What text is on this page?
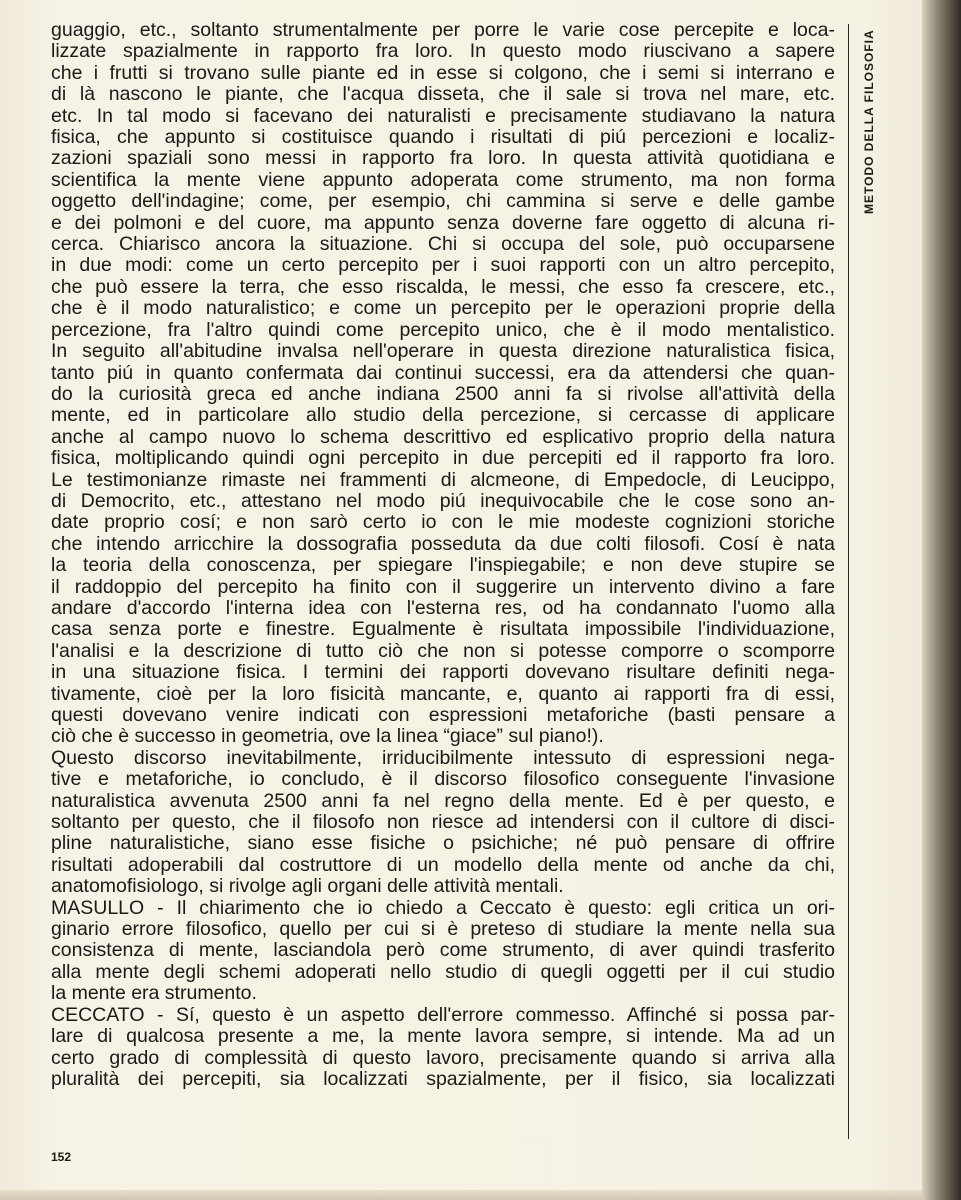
guaggio, etc., soltanto strumentalmente per porre le varie cose percepite e loca-
lizzate spazialmente in rapporto fra loro. In questo modo riuscivano a sapere
che i frutti si trovano sulle piante ed in esse si colgono, che i semi si interrano e
di là nascono le piante, che l'acqua disseta, che il sale si trova nel mare, etc.
etc. In tal modo si facevano dei naturalisti e precisamente studiavano la natura
fisica, che appunto si costituisce quando i risultati di piú percezioni e localiz-
zazioni spaziali sono messi in rapporto fra loro. In questa attività quotidiana e
scientifica la mente viene appunto adoperata come strumento, ma non forma
oggetto dell'indagine; come, per esempio, chi cammina si serve e delle gambe
e dei polmoni e del cuore, ma appunto senza doverne fare oggetto di alcuna ri-
cerca. Chiarisco ancora la situazione. Chi si occupa del sole, può occuparsene
in due modi: come un certo percepito per i suoi rapporti con un altro percepito,
che può essere la terra, che esso riscalda, le messi, che esso fa crescere, etc.,
che è il modo naturalistico; e come un percepito per le operazioni proprie della
percezione, fra l'altro quindi come percepito unico, che è il modo mentalistico.
In seguito all'abitudine invalsa nell'operare in questa direzione naturalistica fisica,
tanto piú in quanto confermata dai continui successi, era da attendersi che quan-
do la curiosità greca ed anche indiana 2500 anni fa si rivolse all'attività della
mente, ed in particolare allo studio della percezione, si cercasse di applicare
anche al campo nuovo lo schema descrittivo ed esplicativo proprio della natura
fisica, moltiplicando quindi ogni percepito in due percepiti ed il rapporto fra loro.
Le testimonianze rimaste nei frammenti di alcmeone, di Empedocle, di Leucippo,
di Democrito, etc., attestano nel modo piú inequivocabile che le cose sono an-
date proprio cosí; e non sarò certo io con le mie modeste cognizioni storiche
che intendo arricchire la dossografia posseduta da due colti filosofi. Cosí è nata
la teoria della conoscenza, per spiegare l'inspiegabile; e non deve stupire se
il raddoppio del percepito ha finito con il suggerire un intervento divino a fare
andare d'accordo l'interna idea con l'esterna res, od ha condannato l'uomo alla
casa senza porte e finestre. Egualmente è risultata impossibile l'individuazione,
l'analisi e la descrizione di tutto ciò che non si potesse comporre o scomporre
in una situazione fisica. I termini dei rapporti dovevano risultare definiti nega-
tivamente, cioè per la loro fisicità mancante, e, quanto ai rapporti fra di essi,
questi dovevano venire indicati con espressioni metaforiche (basti pensare a
ciò che è successo in geometria, ove la linea “giace” sul piano!).
Questo discorso inevitabilmente, irriducibilmente intessuto di espressioni nega-
tive e metaforiche, io concludo, è il discorso filosofico conseguente l'invasione
naturalistica avvenuta 2500 anni fa nel regno della mente. Ed è per questo, e
soltanto per questo, che il filosofo non riesce ad intendersi con il cultore di disci-
pline naturalistiche, siano esse fisiche o psichiche; né può pensare di offrire
risultati adoperabili dal costruttore di un modello della mente od anche da chi,
anatomofisiologo, si rivolge agli organi delle attività mentali.
MASULLO - Il chiarimento che io chiedo a Ceccato è questo: egli critica un ori-
ginario errore filosofico, quello per cui si è preteso di studiare la mente nella sua
consistenza di mente, lasciandola però come strumento, di aver quindi trasferito
alla mente degli schemi adoperati nello studio di quegli oggetti per il cui studio
la mente era strumento.
CECCATO - Sí, questo è un aspetto dell'errore commesso. Affinché si possa par-
lare di qualcosa presente a me, la mente lavora sempre, si intende. Ma ad un
certo grado di complessità di questo lavoro, precisamente quando si arriva alla
pluralità dei percepiti, sia localizzati spazialmente, per il fisico, sia localizzati
METODO DELLA FILOSOFIA
152
